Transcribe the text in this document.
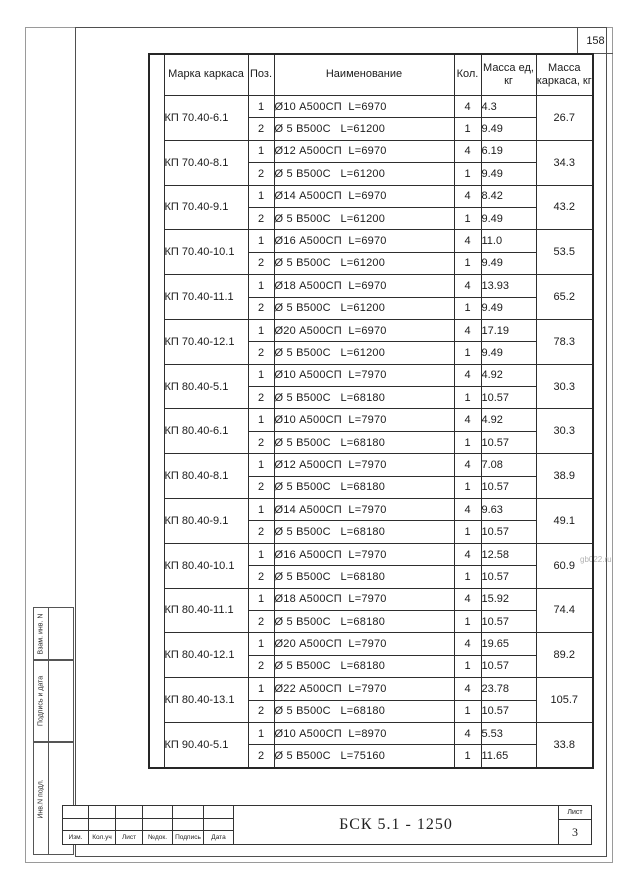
158
gb022.ru
Взам. инв. N
Подпись и дата
Инв.N подл.
	Марка каркаса	Поз.	Наименование	Кол.	Масса ед, кг	Масса каркаса, кг
	КП 70.40-6.1	1	Ø10 А500СП  L=6970	4	4.3	26.7
		2	Ø 5 В500С   L=61200	1	9.49	
	КП 70.40-8.1	1	Ø12 А500СП  L=6970	4	6.19	34.3
		2	Ø 5 В500С   L=61200	1	9.49	
	КП 70.40-9.1	1	Ø14 А500СП  L=6970	4	8.42	43.2
		2	Ø 5 В500С   L=61200	1	9.49	
	КП 70.40-10.1	1	Ø16 А500СП  L=6970	4	11.0	53.5
		2	Ø 5 В500С   L=61200	1	9.49	
	КП 70.40-11.1	1	Ø18 А500СП  L=6970	4	13.93	65.2
		2	Ø 5 В500С   L=61200	1	9.49	
	КП 70.40-12.1	1	Ø20 А500СП  L=6970	4	17.19	78.3
		2	Ø 5 В500С   L=61200	1	9.49	
	КП 80.40-5.1	1	Ø10 А500СП  L=7970	4	4.92	30.3
		2	Ø 5 В500С   L=68180	1	10.57	
	КП 80.40-6.1	1	Ø10 А500СП  L=7970	4	4.92	30.3
		2	Ø 5 В500С   L=68180	1	10.57	
	КП 80.40-8.1	1	Ø12 А500СП  L=7970	4	7.08	38.9
		2	Ø 5 В500С   L=68180	1	10.57	
	КП 80.40-9.1	1	Ø14 А500СП  L=7970	4	9.63	49.1
		2	Ø 5 В500С   L=68180	1	10.57	
	КП 80.40-10.1	1	Ø16 А500СП  L=7970	4	12.58	60.9
		2	Ø 5 В500С   L=68180	1	10.57	
	КП 80.40-11.1	1	Ø18 А500СП  L=7970	4	15.92	74.4
		2	Ø 5 В500С   L=68180	1	10.57	
	КП 80.40-12.1	1	Ø20 А500СП  L=7970	4	19.65	89.2
		2	Ø 5 В500С   L=68180	1	10.57	
	КП 80.40-13.1	1	Ø22 А500СП  L=7970	4	23.78	105.7
		2	Ø 5 В500С   L=68180	1	10.57	
	КП 90.40-5.1	1	Ø10 А500СП  L=8970	4	5.53	33.8
		2	Ø 5 В500С   L=75160	1	11.65	
Изм.	Кол.уч	Лист	№док.	Подпись	Дата
БСК 5.1 - 1250
Лист
3
